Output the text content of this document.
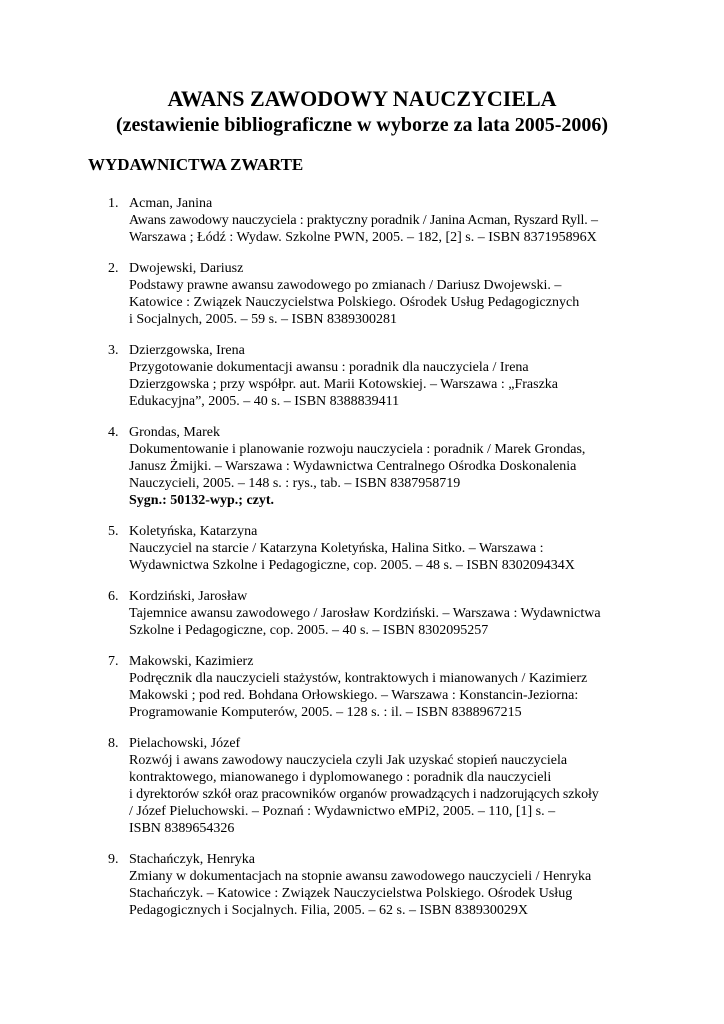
AWANS ZAWODOWY NAUCZYCIELA
(zestawienie bibliograficzne w wyborze za lata 2005-2006)
WYDAWNICTWA ZWARTE
1. Acman, Janina
Awans zawodowy nauczyciela : praktyczny poradnik / Janina Acman, Ryszard Ryll. –
Warszawa ; Łódź : Wydaw. Szkolne PWN, 2005. – 182, [2] s. – ISBN 837195896X
2. Dwojewski, Dariusz
Podstawy prawne awansu zawodowego po zmianach / Dariusz Dwojewski. –
Katowice : Związek Nauczycielstwa Polskiego. Ośrodek Usług Pedagogicznych
i Socjalnych, 2005. – 59 s. – ISBN 8389300281
3. Dzierzgowska, Irena
Przygotowanie dokumentacji awansu : poradnik dla nauczyciela / Irena
Dzierzgowska ; przy współpr. aut. Marii Kotowskiej. – Warszawa : „Fraszka
Edukacyjna”, 2005. – 40 s. – ISBN 8388839411
4. Grondas, Marek
Dokumentowanie i planowanie rozwoju nauczyciela : poradnik / Marek Grondas,
Janusz Żmijki. – Warszawa : Wydawnictwa Centralnego Ośrodka Doskonalenia
Nauczycieli, 2005. – 148 s. : rys., tab. – ISBN 8387958719
Sygn.: 50132-wyp.; czyt.
5. Koletyńska, Katarzyna
Nauczyciel na starcie / Katarzyna Koletyńska, Halina Sitko. – Warszawa :
Wydawnictwa Szkolne i Pedagogiczne, cop. 2005. – 48 s. – ISBN 830209434X
6. Kordziński, Jarosław
Tajemnice awansu zawodowego / Jarosław Kordziński. – Warszawa : Wydawnictwa
Szkolne i Pedagogiczne, cop. 2005. – 40 s. – ISBN 8302095257
7. Makowski, Kazimierz
Podręcznik dla nauczycieli stażystów, kontraktowych i mianowanych / Kazimierz
Makowski ; pod red. Bohdana Orłowskiego. – Warszawa : Konstancin-Jeziorna:
Programowanie Komputerów, 2005. – 128 s. : il. – ISBN 8388967215
8. Pielachowski, Józef
Rozwój i awans zawodowy nauczyciela czyli Jak uzyskać stopień nauczyciela
kontraktowego, mianowanego i dyplomowanego : poradnik dla nauczycieli
i dyrektorów szkół oraz pracowników organów prowadzących i nadzorujących szkoły
/ Józef Pieluchowski. – Poznań : Wydawnictwo eMPi2, 2005. – 110, [1] s. –
ISBN 8389654326
9. Stachańczyk, Henryka
Zmiany w dokumentacjach na stopnie awansu zawodowego nauczycieli / Henryka
Stachańczyk. – Katowice : Związek Nauczycielstwa Polskiego. Ośrodek Usług
Pedagogicznych i Socjalnych. Filia, 2005. – 62 s. – ISBN 838930029X
